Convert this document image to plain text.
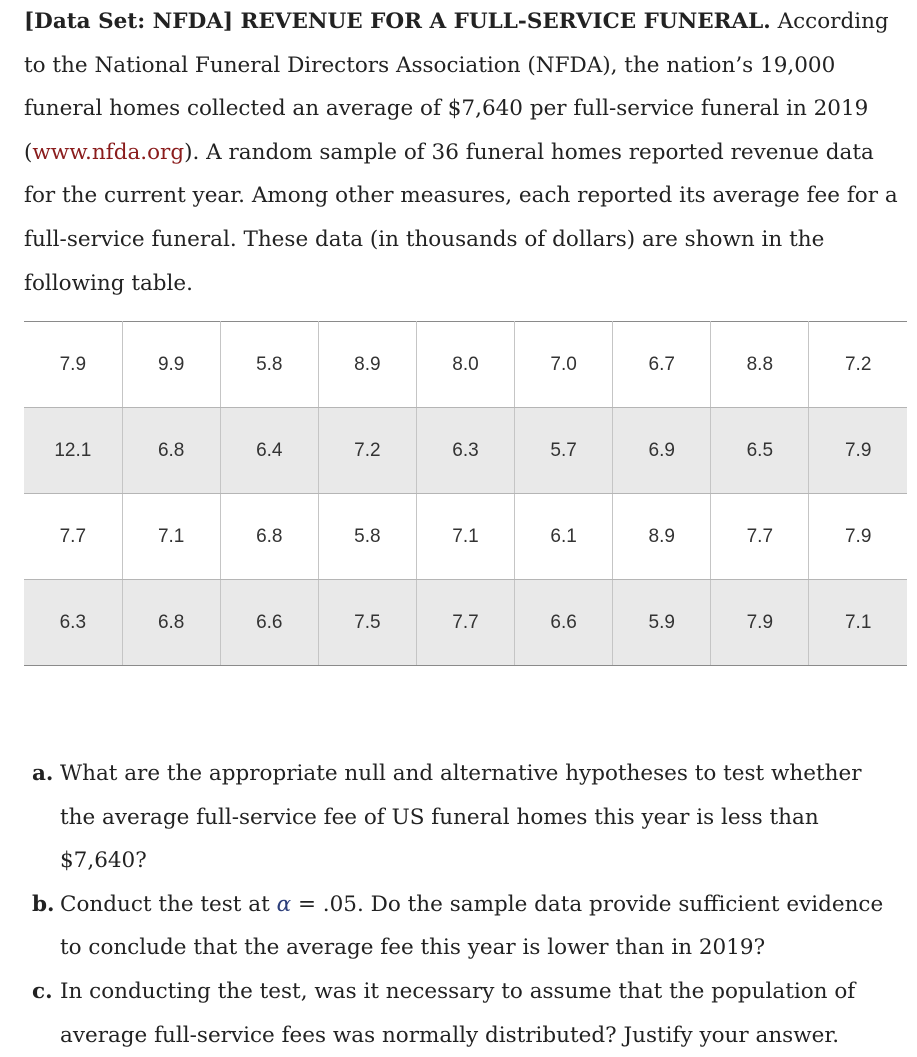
[Data Set: NFDA] REVENUE FOR A FULL-SERVICE FUNERAL. According to the National Funeral Directors Association (NFDA), the nation’s 19,000 funeral homes collected an average of $7,640 per full-service funeral in 2019 (www.nfda.org). A random sample of 36 funeral homes reported revenue data for the current year. Among other measures, each reported its average fee for a full-service funeral. These data (in thousands of dollars) are shown in the following table.

7.9	9.9	5.8	8.9	8.0	7.0	6.7	8.8	7.2
12.1	6.8	6.4	7.2	6.3	5.7	6.9	6.5	7.9
7.7	7.1	6.8	5.8	7.1	6.1	8.9	7.7	7.9
6.3	6.8	6.6	7.5	7.7	6.6	5.9	7.9	7.1
a. What are the appropriate null and alternative hypotheses to test whether the average full-service fee of US funeral homes this year is less than $7,640?
b. Conduct the test at α = .05. Do the sample data provide sufficient evidence to conclude that the average fee this year is lower than in 2019?
c. In conducting the test, was it necessary to assume that the population of average full-service fees was normally distributed? Justify your answer.
